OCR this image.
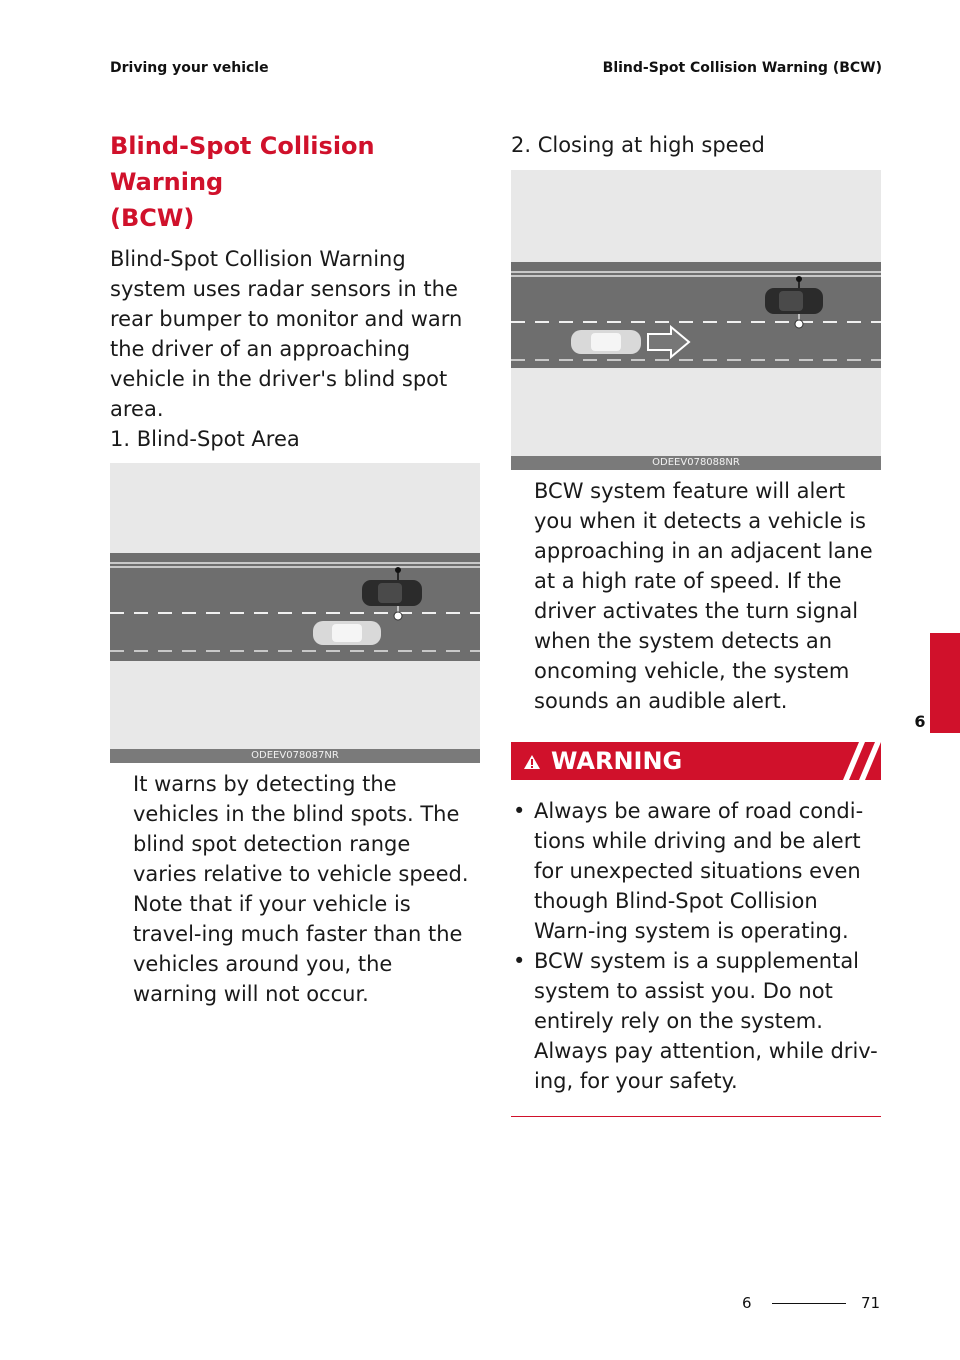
Driving your vehicle	Blind-Spot Collision Warning (BCW)
Blind-Spot Collision Warning
(BCW)

Blind-Spot Collision Warning system uses radar sensors in the rear bumper to monitor and warn the driver of an approaching vehicle in the driver's blind spot area.

1. Blind-Spot Area

ODEEV078087NR

It warns by detecting the vehicles in the blind spots. The blind spot detection range varies relative to vehicle speed. Note that if your vehicle is travel-ing much faster than the vehicles around you, the warning will not occur.

2. Closing at high speed

ODEEV078088NR

BCW system feature will alert you when it detects a vehicle is approaching in an adjacent lane at a high rate of speed. If the driver activates the turn signal when the system detects an oncoming vehicle, the system sounds an audible alert.

WARNING
• Always be aware of road condi-tions while driving and be alert for unexpected situations even though Blind-Spot Collision Warn-ing system is operating.
• BCW system is a supplemental system to assist you. Do not entirely rely on the system. Always pay attention, while driv-ing, for your safety.
6
6	71
